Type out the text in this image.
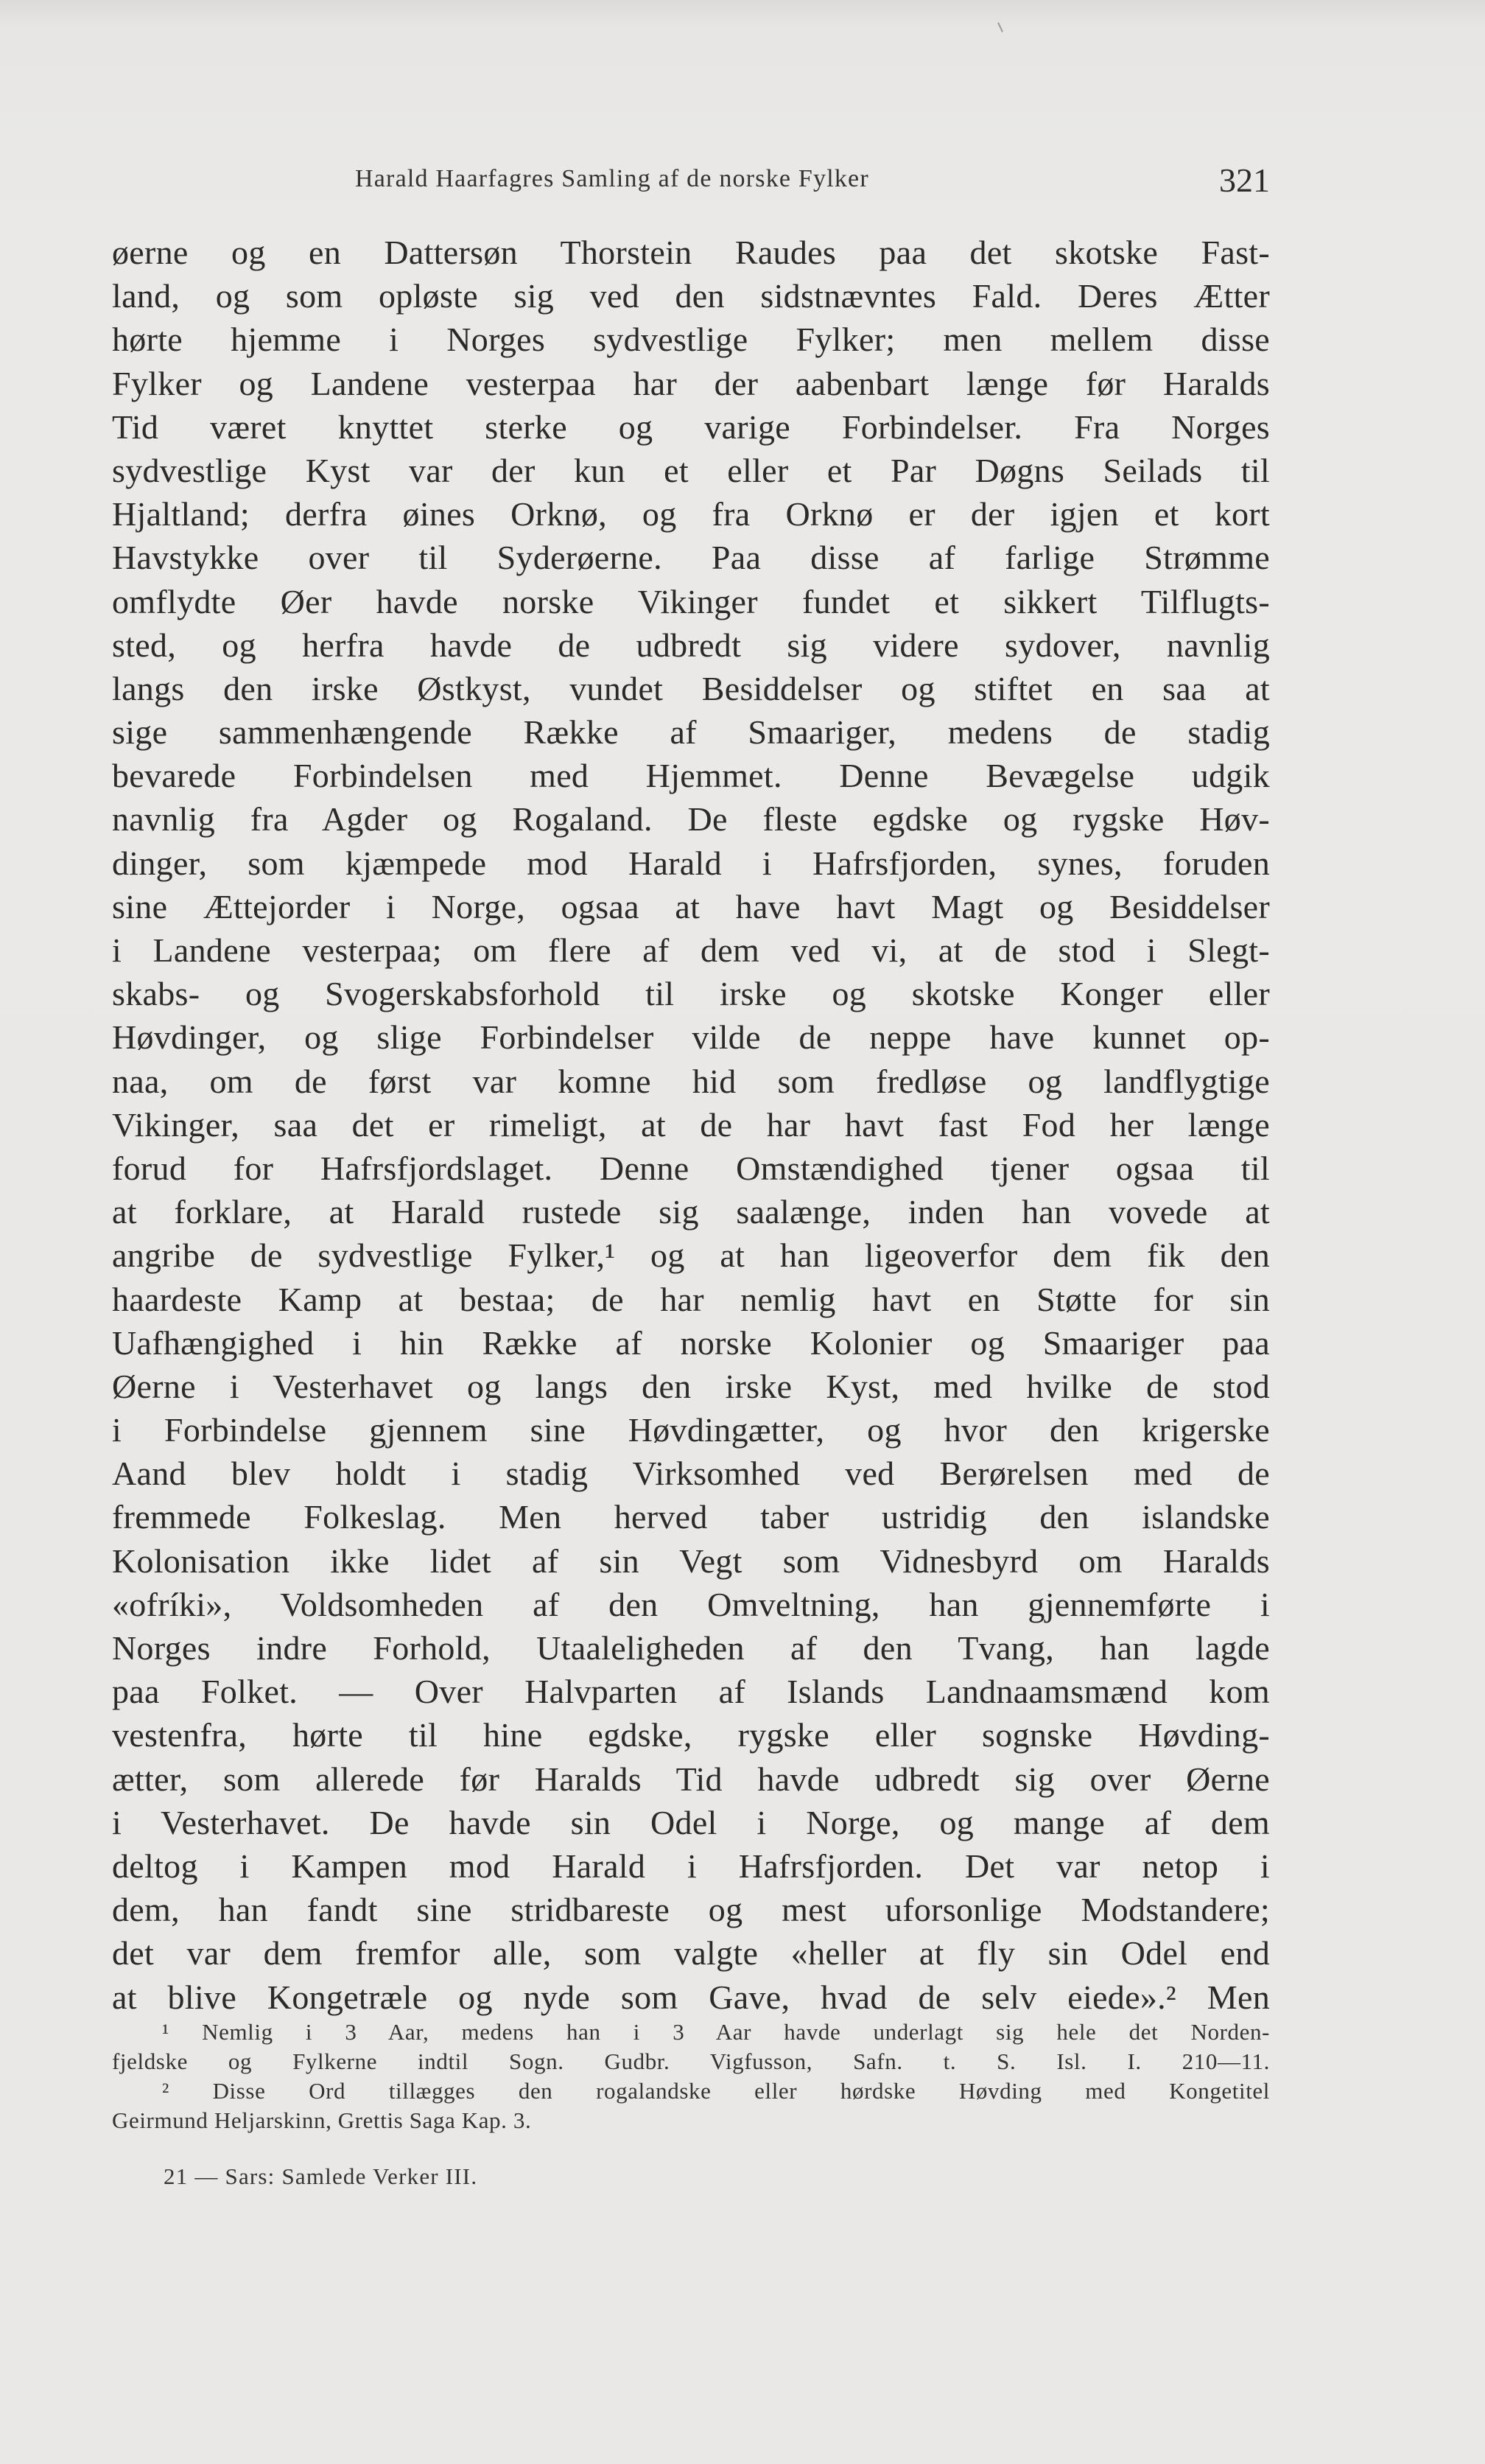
Harald Haarfagres Samling af de norske Fylker	321
øerne og en Dattersøn Thorstein Raudes paa det skotske Fast-
land, og som opløste sig ved den sidstnævntes Fald. Deres Ætter
hørte hjemme i Norges sydvestlige Fylker; men mellem disse
Fylker og Landene vesterpaa har der aabenbart længe før Haralds
Tid været knyttet sterke og varige Forbindelser. Fra Norges
sydvestlige Kyst var der kun et eller et Par Døgns Seilads til
Hjaltland; derfra øines Orknø, og fra Orknø er der igjen et kort
Havstykke over til Syderøerne. Paa disse af farlige Strømme
omflydte Øer havde norske Vikinger fundet et sikkert Tilflugts-
sted, og herfra havde de udbredt sig videre sydover, navnlig
langs den irske Østkyst, vundet Besiddelser og stiftet en saa at
sige sammenhængende Række af Smaariger, medens de stadig
bevarede Forbindelsen med Hjemmet. Denne Bevægelse udgik
navnlig fra Agder og Rogaland. De fleste egdske og rygske Høv-
dinger, som kjæmpede mod Harald i Hafrsfjorden, synes, foruden
sine Ættejorder i Norge, ogsaa at have havt Magt og Besiddelser
i Landene vesterpaa; om flere af dem ved vi, at de stod i Slegt-
skabs- og Svogerskabsforhold til irske og skotske Konger eller
Høvdinger, og slige Forbindelser vilde de neppe have kunnet op-
naa, om de først var komne hid som fredløse og landflygtige
Vikinger, saa det er rimeligt, at de har havt fast Fod her længe
forud for Hafrsfjordslaget. Denne Omstændighed tjener ogsaa til
at forklare, at Harald rustede sig saalænge, inden han vovede at
angribe de sydvestlige Fylker,¹ og at han ligeoverfor dem fik den
haardeste Kamp at bestaa; de har nemlig havt en Støtte for sin
Uafhængighed i hin Række af norske Kolonier og Smaariger paa
Øerne i Vesterhavet og langs den irske Kyst, med hvilke de stod
i Forbindelse gjennem sine Høvdingætter, og hvor den krigerske
Aand blev holdt i stadig Virksomhed ved Berørelsen med de
fremmede Folkeslag. Men herved taber ustridig den islandske
Kolonisation ikke lidet af sin Vegt som Vidnesbyrd om Haralds
«ofríki», Voldsomheden af den Omveltning, han gjennemførte i
Norges indre Forhold, Utaaleligheden af den Tvang, han lagde
paa Folket. — Over Halvparten af Islands Landnaamsmænd kom
vestenfra, hørte til hine egdske, rygske eller sognske Høvding-
ætter, som allerede før Haralds Tid havde udbredt sig over Øerne
i Vesterhavet. De havde sin Odel i Norge, og mange af dem
deltog i Kampen mod Harald i Hafrsfjorden. Det var netop i
dem, han fandt sine stridbareste og mest uforsonlige Modstandere;
det var dem fremfor alle, som valgte «heller at fly sin Odel end
at blive Kongetræle og nyde som Gave, hvad de selv eiede».² Men
¹ Nemlig i 3 Aar, medens han i 3 Aar havde underlagt sig hele det Norden-
fjeldske og Fylkerne indtil Sogn. Gudbr. Vigfusson, Safn. t. S. Isl. I. 210—11.
² Disse Ord tillægges den rogalandske eller hørdske Høvding med Kongetitel
Geirmund Heljarskinn, Grettis Saga Kap. 3.
21 — Sars: Samlede Verker III.
